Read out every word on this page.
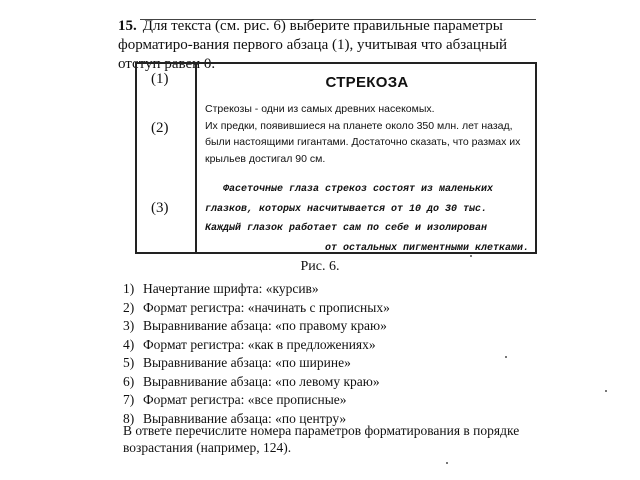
15. Для текста (см. рис. 6) выберите правильные параметры форматиро-вания первого абзаца (1), учитывая что абзацный отступ равен 0.

(1)
(2)
(3)
СТРЕКОЗА
Стрекозы - одни из самых древних насекомых.
Их предки, появившиеся на планете около 350 млн. лет назад,
были настоящими гигантами. Достаточно сказать, что размах их
крыльев достигал 90 см.
Фасеточные глаза стрекоз состоят из маленьких
глазков, которых насчитывается от 10 до 30 тыс.
Каждый глазок работает сам по себе и изолирован
от остальных пигментными клетками.
Рис. 6.
1) Начертание шрифта: «курсив»
2) Формат регистра: «начинать с прописных»
3) Выравнивание абзаца: «по правому краю»
4) Формат регистра: «как в предложениях»
5) Выравнивание абзаца: «по ширине»
6) Выравнивание абзаца: «по левому краю»
7) Формат регистра: «все прописные»
8) Выравнивание абзаца: «по центру»
В ответе перечислите номера параметров форматирования в порядке возрастания (например, 124).
